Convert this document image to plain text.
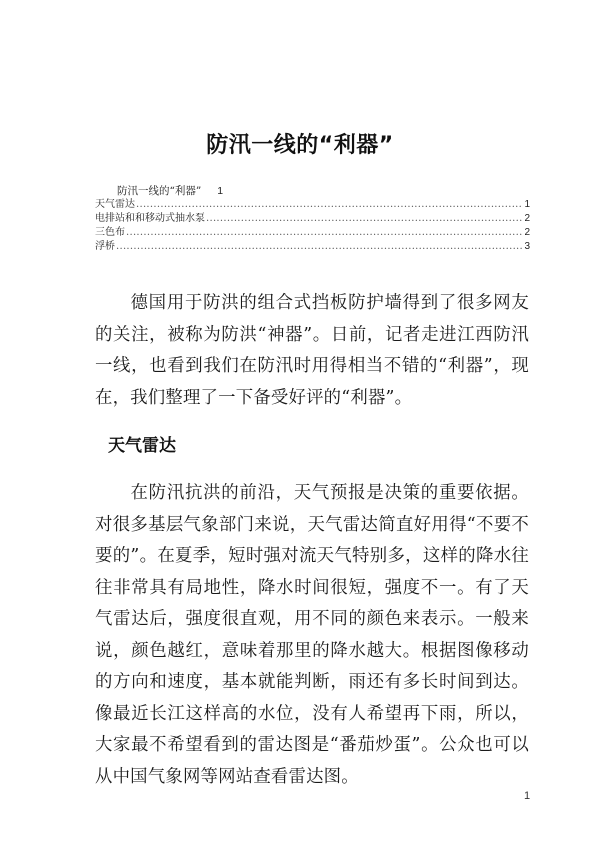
防汛一线的“利器”
防汛一线的“利器” 1
天气雷达 .....	1
电排站和和移动式抽水泵 .....	2
三色布 .....	2
浮桥 .....	3
德国用于防洪的组合式挡板防护墙得到了很多网友的关注，被称为防洪“神器”。日前，记者走进江西防汛一线，也看到我们在防汛时用得相当不错的“利器”，现在，我们整理了一下备受好评的“利器”。
天气雷达
在防汛抗洪的前沿，天气预报是决策的重要依据。对很多基层气象部门来说，天气雷达简直好用得“不要不要的”。在夏季，短时强对流天气特别多，这样的降水往往非常具有局地性，降水时间很短，强度不一。有了天气雷达后，强度很直观，用不同的颜色来表示。一般来说，颜色越红，意味着那里的降水越大。根据图像移动的方向和速度，基本就能判断，雨还有多长时间到达。像最近长江这样高的水位，没有人希望再下雨，所以，大家最不希望看到的雷达图是“番茄炒蛋”。公众也可以从中国气象网等网站查看雷达图。
1
